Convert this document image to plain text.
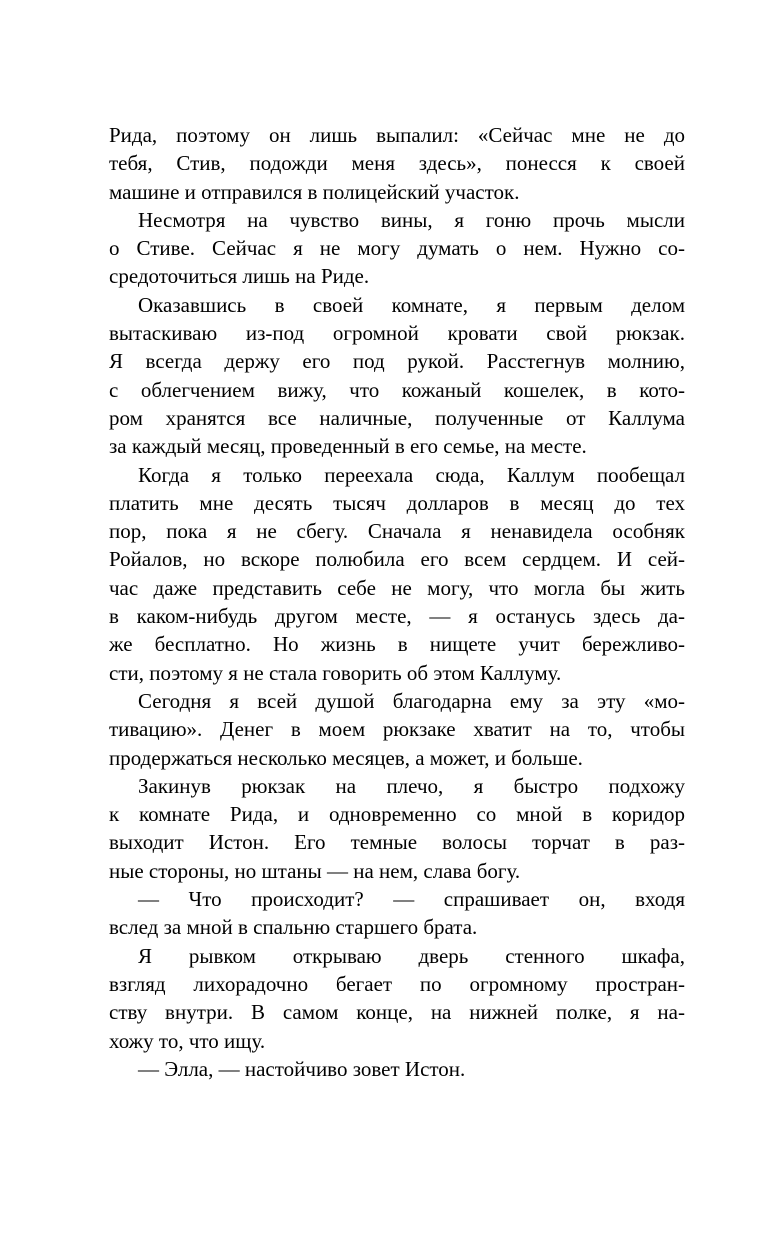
Рида, поэтому он лишь выпалил: «Сейчас мне не до
тебя, Стив, подожди меня здесь», понесся к своей
машине и отправился в полицейский участок.
Несмотря на чувство вины, я гоню прочь мысли
о Стиве. Сейчас я не могу думать о нем. Нужно со-
средоточиться лишь на Риде.
Оказавшись в своей комнате, я первым делом
вытаскиваю из-под огромной кровати свой рюкзак.
Я всегда держу его под рукой. Расстегнув молнию,
с облегчением вижу, что кожаный кошелек, в кото-
ром хранятся все наличные, полученные от Каллума
за каждый месяц, проведенный в его семье, на месте.
Когда я только переехала сюда, Каллум пообещал
платить мне десять тысяч долларов в месяц до тех
пор, пока я не сбегу. Сначала я ненавидела особняк
Ройалов, но вскоре полюбила его всем сердцем. И сей-
час даже представить себе не могу, что могла бы жить
в каком-нибудь другом месте, — я останусь здесь да-
же бесплатно. Но жизнь в нищете учит бережливо-
сти, поэтому я не стала говорить об этом Каллуму.
Сегодня я всей душой благодарна ему за эту «мо-
тивацию». Денег в моем рюкзаке хватит на то, чтобы
продержаться несколько месяцев, а может, и больше.
Закинув рюкзак на плечо, я быстро подхожу
к комнате Рида, и одновременно со мной в коридор
выходит Истон. Его темные волосы торчат в раз-
ные стороны, но штаны — на нем, слава богу.
— Что происходит? — спрашивает он, входя
вслед за мной в спальню старшего брата.
Я рывком открываю дверь стенного шкафа,
взгляд лихорадочно бегает по огромному простран-
ству внутри. В самом конце, на нижней полке, я на-
хожу то, что ищу.
— Элла, — настойчиво зовет Истон.
